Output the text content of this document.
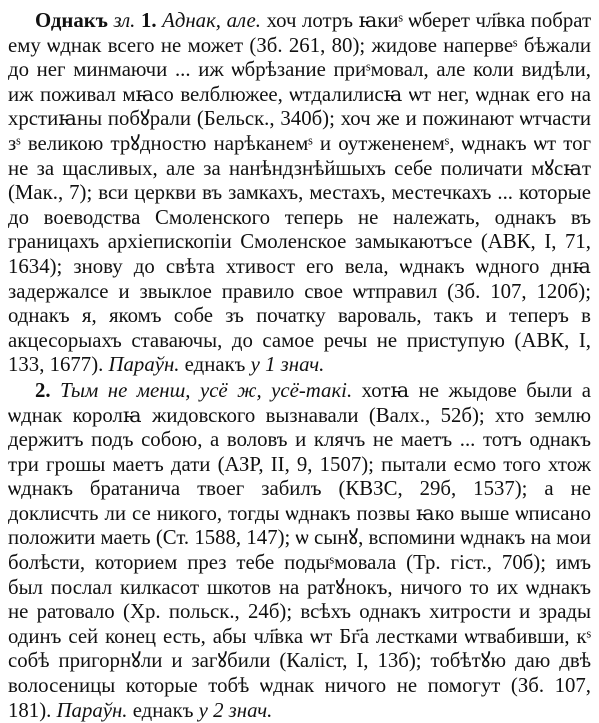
Однакъ зл. 1. Аднак, але. хоч лотръ ꙗкиˢ ѡберет чл҃вка побрат ему ѡднак всего не может (Зб. 261, 80); жидове напервеˢ бѣжали до нег минмаючи ... иж ѡбрѣзание приˢмовал, але коли видѣли, иж поживал мꙗсо велблюжее, ѡтдалилисꙗ ѡт нег, ѡднак его на хрстиꙗны побꙋрали (Бельск., 340б); хоч же и пожинают ѡтчасти зˢ великою трꙋдностю нарѣканемˢ и оутжененемˢ, ѡднакъ ѡт тог не за щасливых, але за нанѣндзнѣйшыхъ себе поличати мꙋсꙗт (Мак., 7); вси церкви въ замкахъ, местахъ, местечкахъ ... которые до воеводства Смоленского теперь не належать, однакъ въ границахъ архіепископіи Смоленское замыкаютъсе (АВК, І, 71, 1634); знову до свѣта хтивост его вела, ѡднакъ ѡдного днꙗ задержалсе и звыклое правило свое ѡтправил (Зб. 107, 120б); однакъ я, якомъ собе зъ початку вароваль, такъ и теперъ в акцесорыахъ ставаючы, до самое речы не приступую (АВК, І, 133, 1677). Параўн. еднакъ у 1 знач.

2. Тым не менш, усё ж, усё-такі. хотꙗ не жыдове были а ѡднак королꙗ жидовского вызнавали (Валх., 52б); хто землю держитъ подъ собою, а воловъ и клячъ не маетъ ... тотъ однакъ три грошы маетъ дати (АЗР, II, 9, 1507); пытали есмо того хтож ѡднакъ братанича твоег забилъ (КВЗС, 29б, 1537); а не доклисчть ли се никого, тогды ѡднакъ позвы ꙗко выше ѡписано положити маеть (Ст. 1588, 147); ѡ сынꙋ, вспомини ѡднакъ на мои болѣсти, которием през тебе подыˢмовала (Тр. гіст., 70б); имъ был послал килкасот шкотов на ратꙋнокъ, ничого то их ѡднакъ не ратовало (Хр. польск., 24б); всѣхъ однакъ хитрости и зрады одинъ сей конец есть, абы чл҃вка ѡт Бг҃а лестками ѡтвабивши, кˢ собѣ пригорнꙋли и загꙋбили (Каліст, І, 13б); тобѣтꙋю даю двѣ волосеницы которые тобѣ ѡднак ничого не помогут (Зб. 107, 181). Параўн. еднакъ у 2 знач.
